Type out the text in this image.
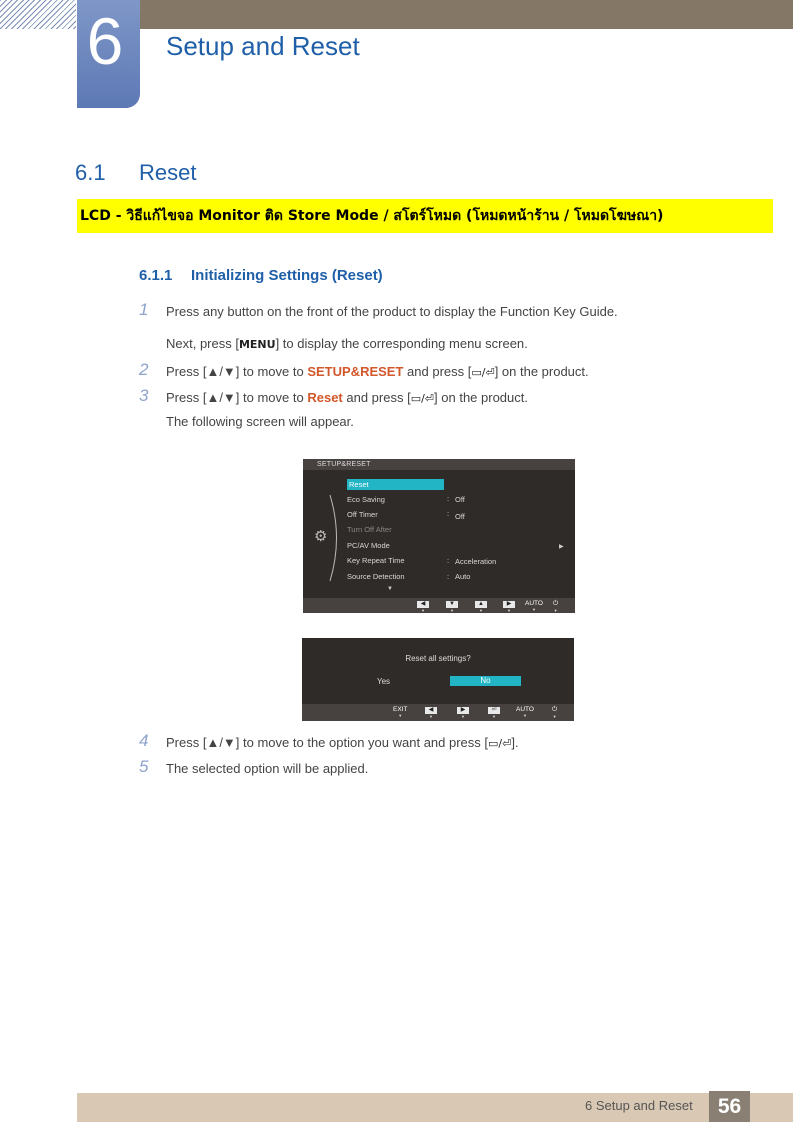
6	Setup and Reset
6.1 Reset
LCD - วิธีแก้ไขจอ Monitor ติด Store Mode / สโตร์โหมด (โหมดหน้าร้าน / โหมดโฆษณา)
6.1.1 Initializing Settings (Reset)
1 Press any button on the front of the product to display the Function Key Guide.
Next, press [MENU] to display the corresponding menu screen.
2 Press [▲/▼] to move to SETUP&RESET and press [▭/⏎] on the product.
3 Press [▲/▼] to move to Reset and press [▭/⏎] on the product.
The following screen will appear.
SETUP&RESET
⚙
Reset
Eco Saving	: Off
Off Timer	: Off
Turn Off After
PC/AV Mode	▶
Key Repeat Time	: Acceleration
Source Detection	: Auto
▼
◀
▼
▼
▼
▲
▼
▶
▼
AUTO
▼
⏻
▼
Reset all settings?
Yes	No
EXIT
▼
◀
▼
▶
▼
⏎
▼
AUTO
▼
⏻
▼
4 Press [▲/▼] to move to the option you want and press [▭/⏎].
5 The selected option will be applied.
6 Setup and Reset	56
